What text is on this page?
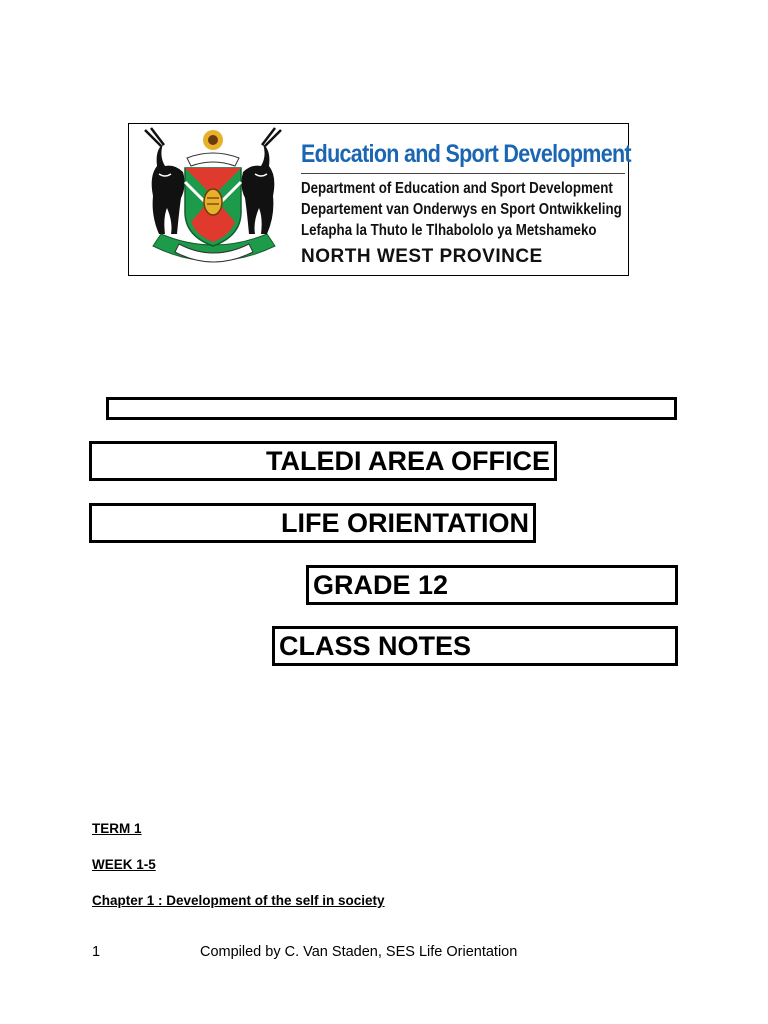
Education and Sport Development
Department of Education and Sport Development
Departement van Onderwys en Sport Ontwikkeling
Lefapha la Thuto le Tlhabololo ya Metshameko
NORTH WEST PROVINCE
TALEDI AREA OFFICE
LIFE ORIENTATION
GRADE 12
CLASS NOTES
TERM 1
WEEK 1-5
Chapter 1 : Development of the self in society
1	Compiled by C. Van Staden, SES Life Orientation
